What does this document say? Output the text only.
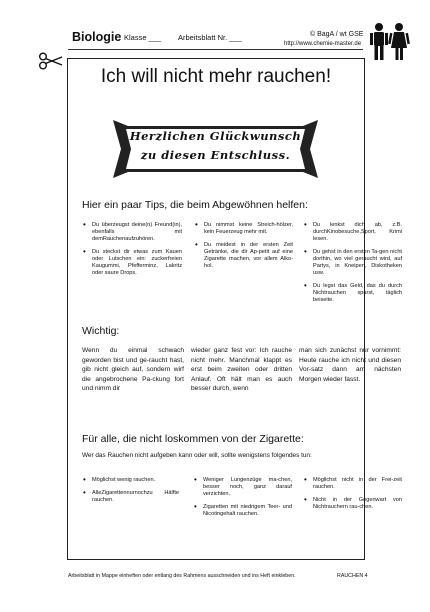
Biologie Klasse ___ Arbeitsblatt Nr. ___	© BagA / wt GSE
http://www.chemie-master.de
Ich will nicht mehr rauchen!
Herzlichen Glückwunsch
zu diesen Entschluss.
Hier ein paar Tips, die beim Abgewöhnen helfen:
• Du überzeugst deine(n) Freund(in), ebenfalls mit demRauchenaufzuhören.
• Du steckst dir etwas zum Kauen oder Lutschen ein: zuckerfreien Kaugummi, Pfefferminz, Lakritz oder saure Drops.
• Du nimmst keine Streich-hölzer, kein Feuerzeug mehr mit.
• Du meidest in der ersten Zeit Getränke, die dir Ap-petit auf eine Zigarette machen, vor allem Alko-hol.
• Du lenkst dich ab, z.B. durchKinobesuche,Sport, Krimi lesen.
• Du gehst in den ersten Ta-gen nicht dorthin, wo viel geraucht wird, auf Partys, in Kneipen, Diskotheken usw.
• Du legst das Geld, das du durch Nichtrauchen sparst, täglich beiseite.
Wichtig:
Wenn du einmal schwach geworden bist und ge-raucht hast, gib nicht gleich auf, sondern wirf die angebrochene Pa-ckung fort und nimm dir
wieder ganz fest vor: Ich rauche nicht mehr. Manchmal klappt es erst beim zweiten oder dritten Anlauf. Oft hält man es auch besser durch, wenn
man sich zunächst nur vornimmt: Heute rauche ich nicht und diesen Vor-satz dann am nächsten Morgen wieder fasst.
Für alle, die nicht loskommen von der Zigarette:
Wer das Rauchen nicht aufgeben kann oder will, sollte wenigstens folgendes tun:
• Möglichst wenig rauchen.
• AlleZigarettennurnochzu Hälfte rauchen.
• Weniger Lungenzüge ma-chen, besser noch, ganz darauf verzichten.
• Zigaretten mit niedrigem Teer- und Nicotingehalt rauchen.
• Möglichst nicht in der Frei-zeit rauchen.
• Nicht in der Gegenwart von Nichtrauchern rau-chen.
Arbeitsblatt in Mappe einheften oder entlang des Rahmens ausschneiden und ins Heft einkleben.	RAUCHEN 4
